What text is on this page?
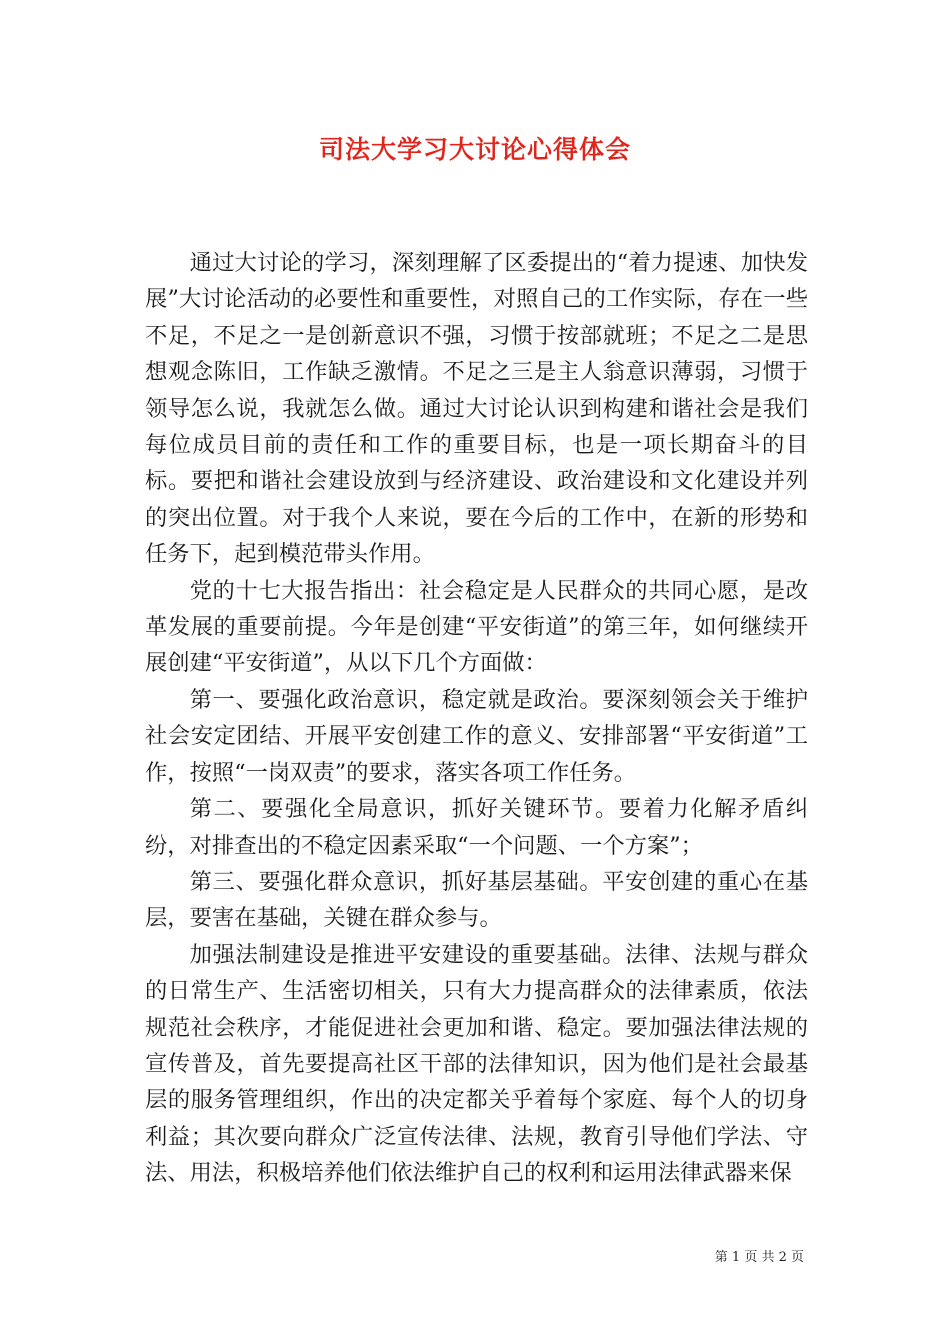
司法大学习大讨论心得体会

通过大讨论的学习，深刻理解了区委提出的“着力提速、加快发展”大讨论活动的必要性和重要性，对照自己的工作实际，存在一些不足，不足之一是创新意识不强，习惯于按部就班；不足之二是思想观念陈旧，工作缺乏激情。不足之三是主人翁意识薄弱，习惯于领导怎么说，我就怎么做。通过大讨论认识到构建和谐社会是我们每位成员目前的责任和工作的重要目标，也是一项长期奋斗的目标。要把和谐社会建设放到与经济建设、政治建设和文化建设并列的突出位置。对于我个人来说，要在今后的工作中，在新的形势和任务下，起到模范带头作用。

党的十七大报告指出：社会稳定是人民群众的共同心愿，是改革发展的重要前提。今年是创建“平安街道”的第三年，如何继续开展创建“平安街道”，从以下几个方面做：

第一、要强化政治意识，稳定就是政治。要深刻领会关于维护社会安定团结、开展平安创建工作的意义、安排部署“平安街道”工作，按照“一岗双责”的要求，落实各项工作任务。

第二、要强化全局意识，抓好关键环节。要着力化解矛盾纠纷，对排查出的不稳定因素采取“一个问题、一个方案”；

第三、要强化群众意识，抓好基层基础。平安创建的重心在基层，要害在基础，关键在群众参与。

加强法制建设是推进平安建设的重要基础。法律、法规与群众的日常生产、生活密切相关，只有大力提高群众的法律素质，依法规范社会秩序，才能促进社会更加和谐、稳定。要加强法律法规的宣传普及，首先要提高社区干部的法律知识，因为他们是社会最基层的服务管理组织，作出的决定都关乎着每个家庭、每个人的切身利益；其次要向群众广泛宣传法律、法规，教育引导他们学法、守法、用法，积极培养他们依法维护自己的权利和运用法律武器来保

第 1 页 共 2 页
